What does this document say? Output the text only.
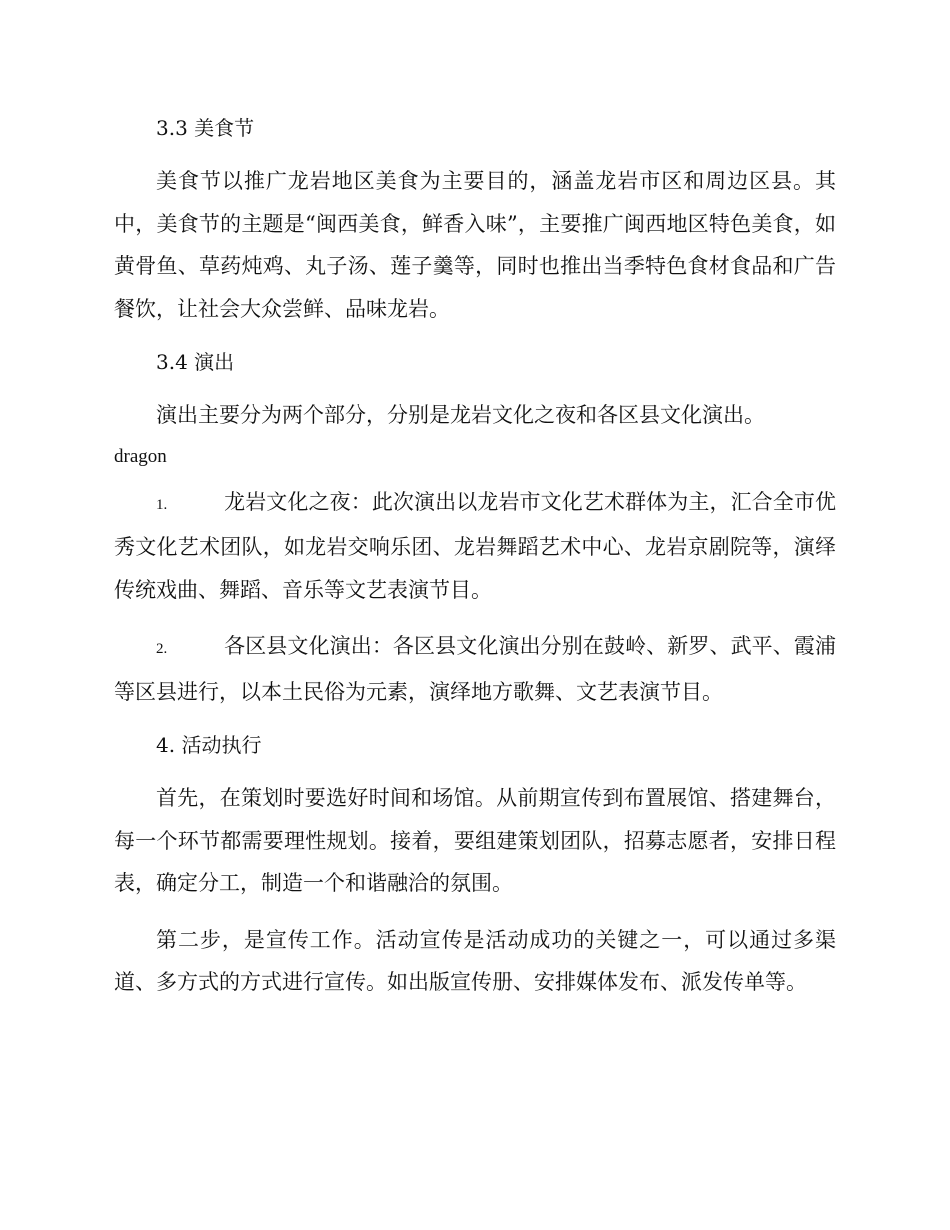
3.3 美食节

美食节以推广龙岩地区美食为主要目的，涵盖龙岩市区和周边区县。其中，美食节的主题是“闽西美食，鲜香入味”，主要推广闽西地区特色美食，如黄骨鱼、草药炖鸡、丸子汤、莲子羹等，同时也推出当季特色食材食品和广告餐饮，让社会大众尝鲜、品味龙岩。

3.4 演出

演出主要分为两个部分，分别是龙岩文化之夜和各区县文化演出。

dragon

1.	龙岩文化之夜：此次演出以龙岩市文化艺术群体为主，汇合全市优秀文化艺术团队，如龙岩交响乐团、龙岩舞蹈艺术中心、龙岩京剧院等，演绎传统戏曲、舞蹈、音乐等文艺表演节目。

2.	各区县文化演出：各区县文化演出分别在鼓岭、新罗、武平、霞浦等区县进行，以本土民俗为元素，演绎地方歌舞、文艺表演节目。

4. 活动执行

首先，在策划时要选好时间和场馆。从前期宣传到布置展馆、搭建舞台，每一个环节都需要理性规划。接着，要组建策划团队，招募志愿者，安排日程表，确定分工，制造一个和谐融洽的氛围。

第二步，是宣传工作。活动宣传是活动成功的关键之一，可以通过多渠道、多方式的方式进行宣传。如出版宣传册、安排媒体发布、派发传单等。
